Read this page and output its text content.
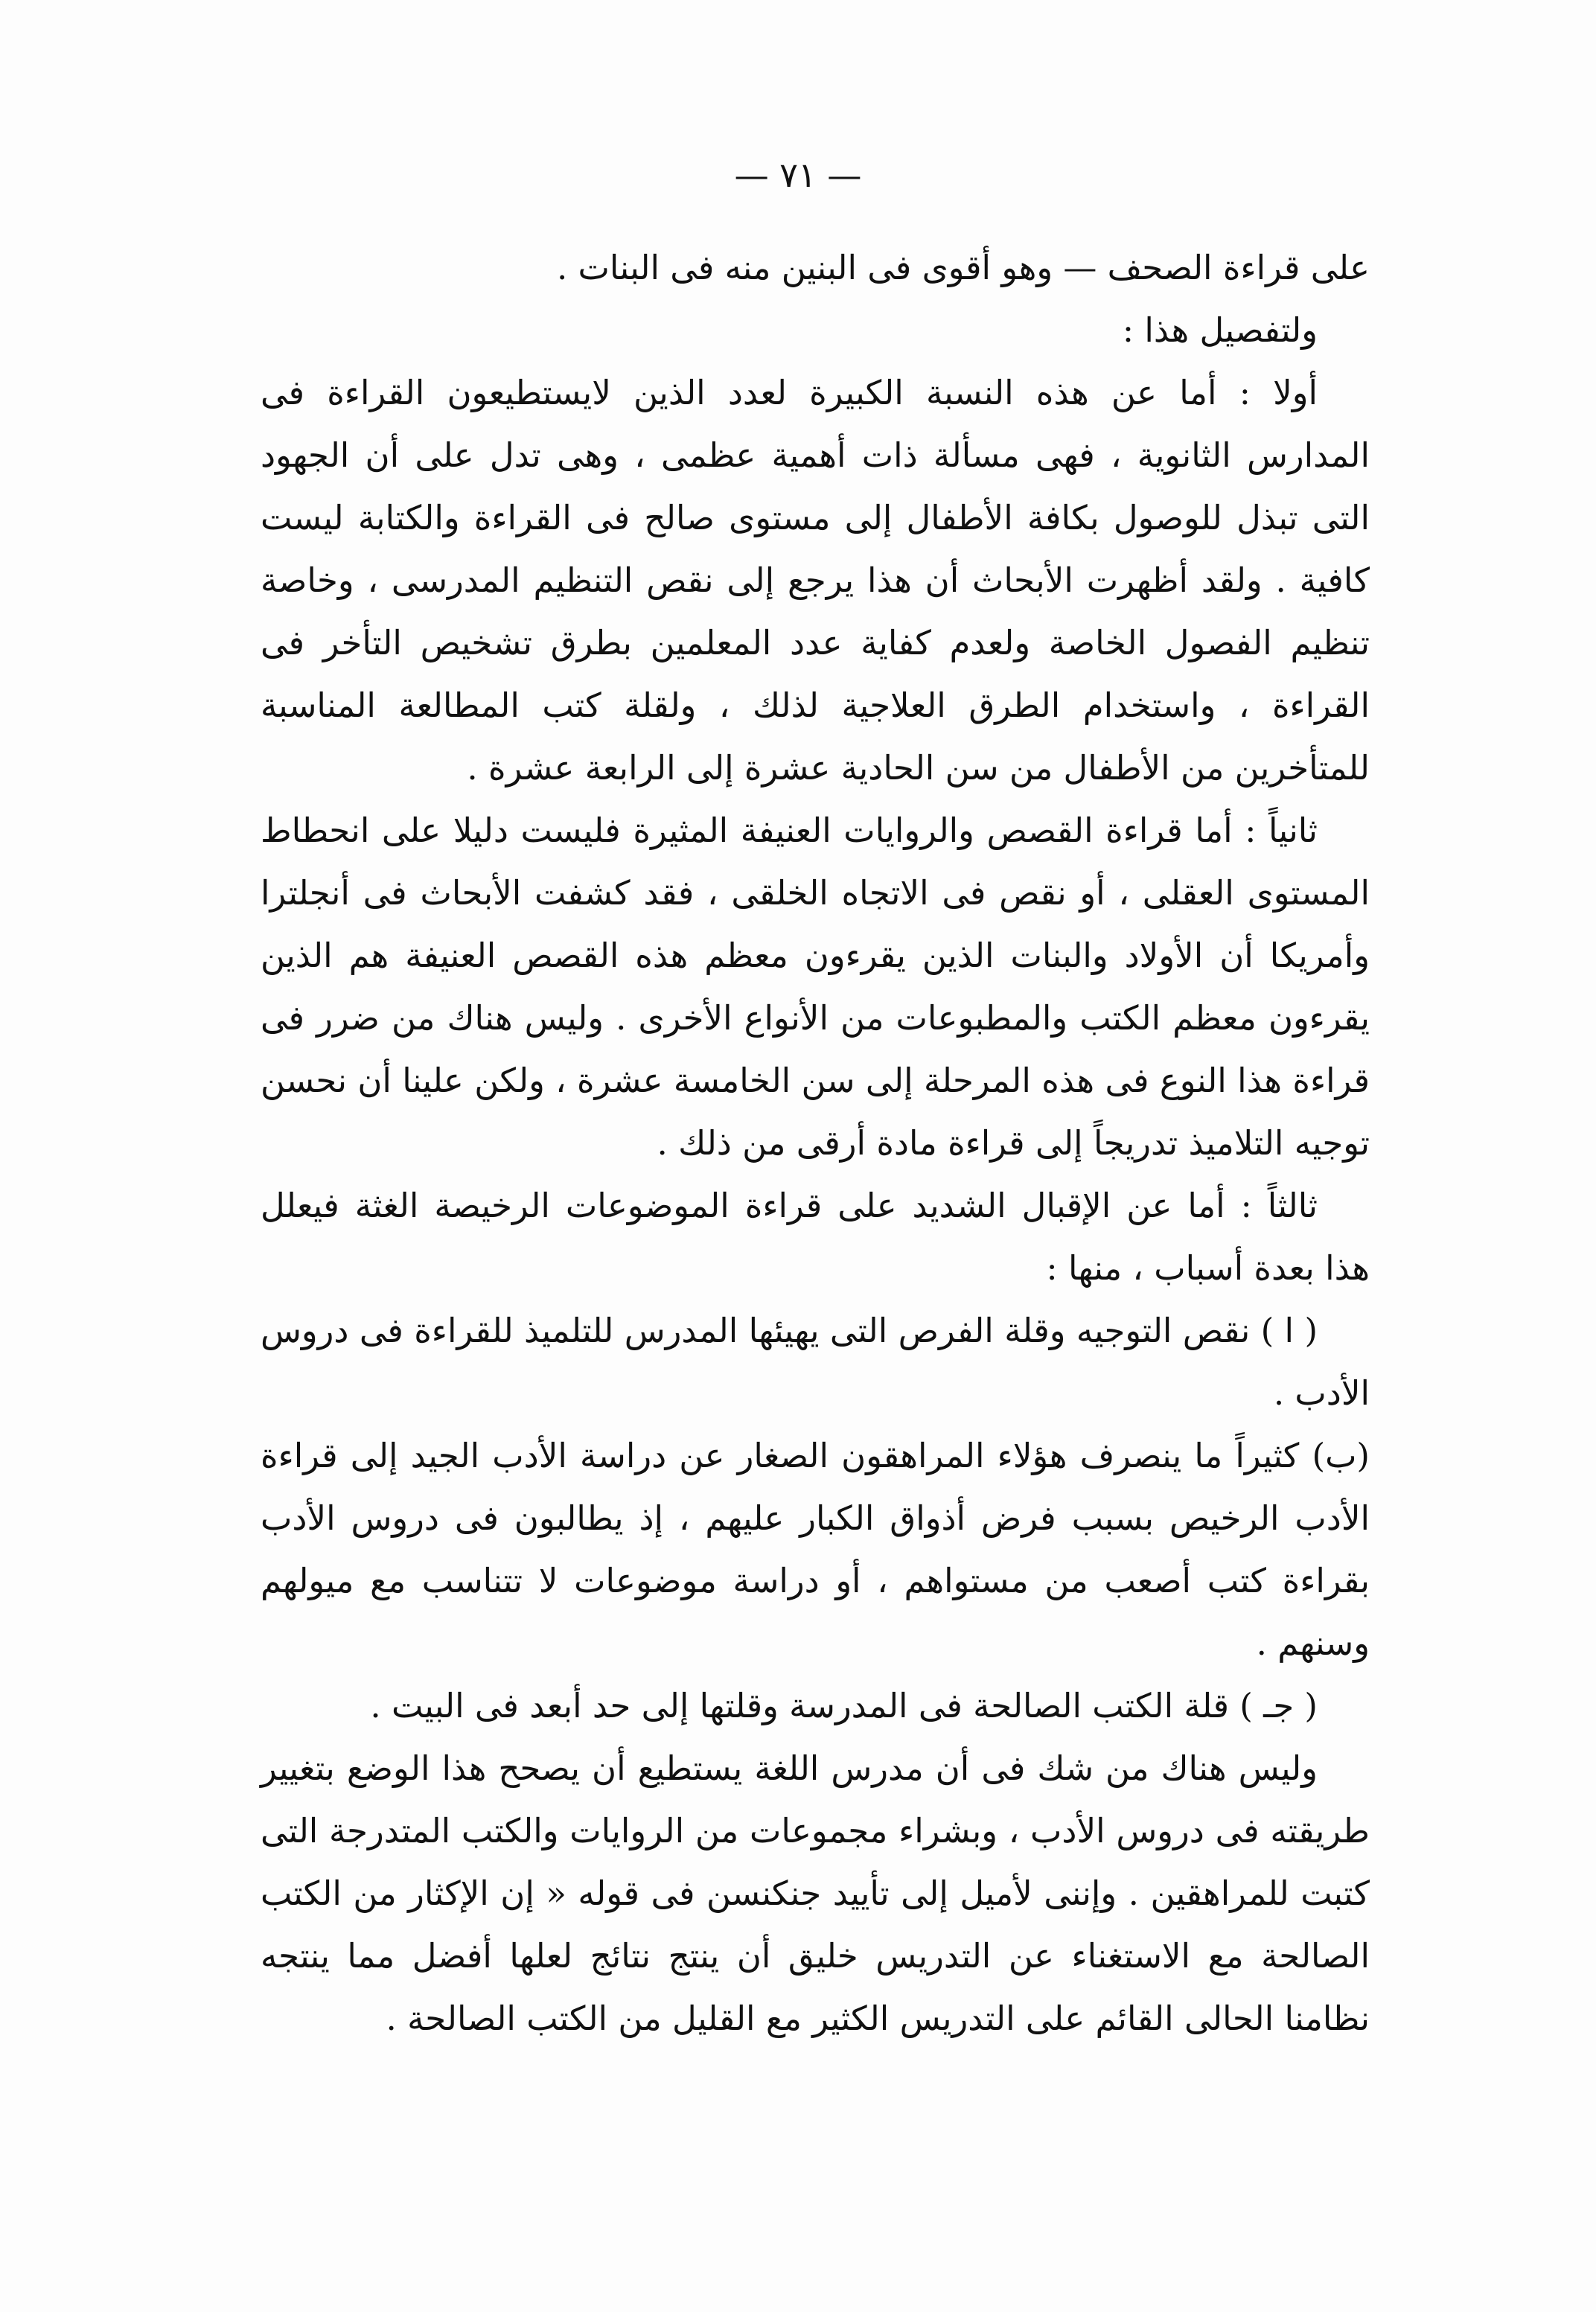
— ٧١ —

على قراءة الصحف — وهو أقوى فى البنين منه فى البنات .

ولتفصيل هذا :

أولا : أما عن هذه النسبة الكبيرة لعدد الذين لايستطيعون القراءة فى المدارس الثانوية ، فهى مسألة ذات أهمية عظمى ، وهى تدل على أن الجهود التى تبذل للوصول بكافة الأطفال إلى مستوى صالح فى القراءة والكتابة ليست كافية . ولقد أظهرت الأبحاث أن هذا يرجع إلى نقص التنظيم المدرسى ، وخاصة تنظيم الفصول الخاصة ولعدم كفاية عدد المعلمين بطرق تشخيص التأخر فى القراءة ، واستخدام الطرق العلاجية لذلك ، ولقلة كتب المطالعة المناسبة للمتأخرين من الأطفال من سن الحادية عشرة إلى الرابعة عشرة .

ثانياً : أما قراءة القصص والروايات العنيفة المثيرة فليست دليلا على انحطاط المستوى العقلى ، أو نقص فى الاتجاه الخلقى ، فقد كشفت الأبحاث فى أنجلترا وأمريكا أن الأولاد والبنات الذين يقرءون معظم هذه القصص العنيفة هم الذين يقرءون معظم الكتب والمطبوعات من الأنواع الأخرى . وليس هناك من ضرر فى قراءة هذا النوع فى هذه المرحلة إلى سن الخامسة عشرة ، ولكن علينا أن نحسن توجيه التلاميذ تدريجاً إلى قراءة مادة أرقى من ذلك .

ثالثاً : أما عن الإقبال الشديد على قراءة الموضوعات الرخيصة الغثة فيعلل هذا بعدة أسباب ، منها :

( ا ) نقص التوجيه وقلة الفرص التى يهيئها المدرس للتلميذ للقراءة فى دروس الأدب .

(ب) كثيراً ما ينصرف هؤلاء المراهقون الصغار عن دراسة الأدب الجيد إلى قراءة الأدب الرخيص بسبب فرض أذواق الكبار عليهم ، إذ يطالبون فى دروس الأدب بقراءة كتب أصعب من مستواهم ، أو دراسة موضوعات لا تتناسب مع ميولهم وسنهم .

( جـ ) قلة الكتب الصالحة فى المدرسة وقلتها إلى حد أبعد فى البيت .

وليس هناك من شك فى أن مدرس اللغة يستطيع أن يصحح هذا الوضع بتغيير طريقته فى دروس الأدب ، وبشراء مجموعات من الروايات والكتب المتدرجة التى كتبت للمراهقين . وإننى لأميل إلى تأييد جنكنسن فى قوله « إن الإكثار من الكتب الصالحة مع الاستغناء عن التدريس خليق أن ينتج نتائج لعلها أفضل مما ينتجه نظامنا الحالى القائم على التدريس الكثير مع القليل من الكتب الصالحة .
